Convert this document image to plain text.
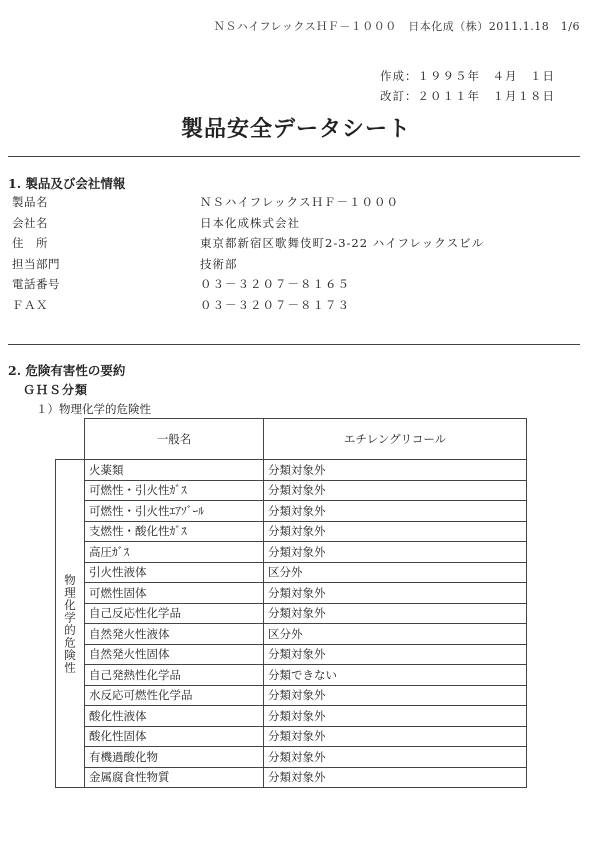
ＮＳハイフレックスＨＦ－１０００　日本化成（株）2011.1.18　1/6
作成：１９９５年　４月　１日
改訂：２０１１年　１月１８日
製品安全データシート
1. 製品及び会社情報
製品名	ＮＳハイフレックスＨＦ－１０００
会社名	日本化成株式会社
住　所	東京都新宿区歌舞伎町2-3-22 ハイフレックスビル
担当部門	技術部
電話番号	０３－３２０７－８１６５
ＦＡＸ	０３－３２０７－８１７３
2. 危険有害性の要約
ＧＨＳ分類
１）物理化学的危険性
	一般名	エチレングリコール
物理化学的危険性	火薬類	分類対象外
	可燃性・引火性ｶﾞｽ	分類対象外
	可燃性・引火性ｴｱｿﾞｰﾙ	分類対象外
	支燃性・酸化性ｶﾞｽ	分類対象外
	高圧ｶﾞｽ	分類対象外
	引火性液体	区分外
	可燃性固体	分類対象外
	自己反応性化学品	分類対象外
	自然発火性液体	区分外
	自然発火性固体	分類対象外
	自己発熱性化学品	分類できない
	水反応可燃性化学品	分類対象外
	酸化性液体	分類対象外
	酸化性固体	分類対象外
	有機過酸化物	分類対象外
	金属腐食性物質	分類対象外
